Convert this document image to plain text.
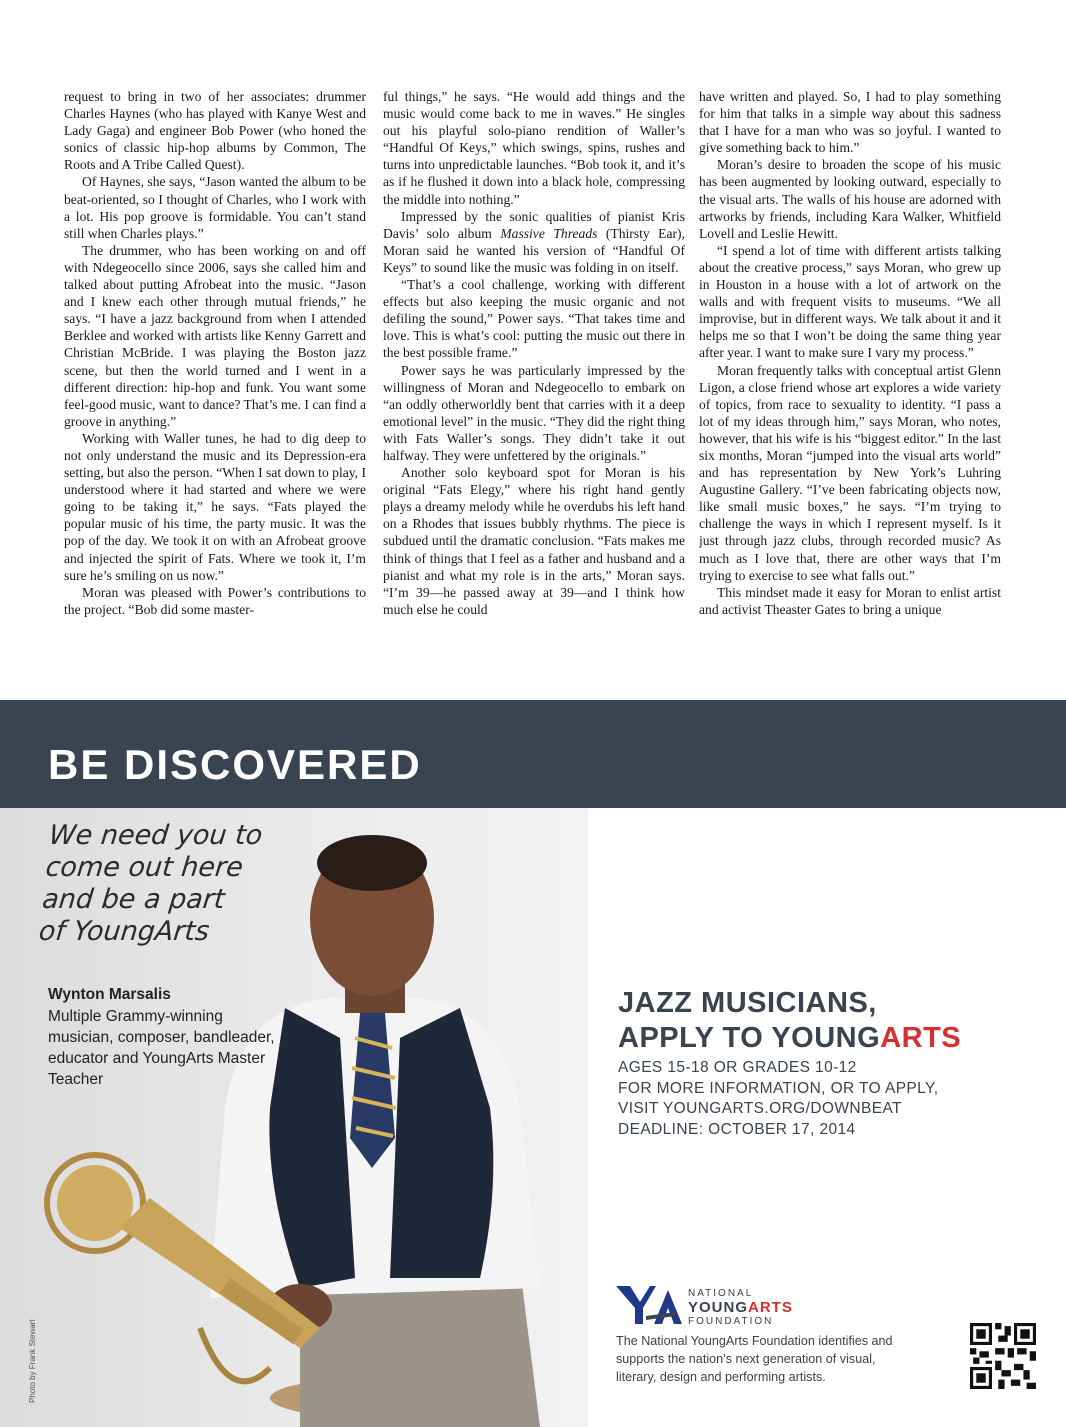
request to bring in two of her associates: drummer Charles Haynes (who has played with Kanye West and Lady Gaga) and engineer Bob Power (who honed the sonics of classic hip-hop albums by Common, The Roots and A Tribe Called Quest).

Of Haynes, she says, “Jason wanted the album to be beat-oriented, so I thought of Charles, who I work with a lot. His pop groove is formidable. You can’t stand still when Charles plays.”

The drummer, who has been working on and off with Ndegeocello since 2006, says she called him and talked about putting Afrobeat into the music. “Jason and I knew each other through mutual friends,” he says. “I have a jazz background from when I attended Berklee and worked with artists like Kenny Garrett and Christian McBride. I was playing the Boston jazz scene, but then the world turned and I went in a different direction: hip-hop and funk. You want some feel-good music, want to dance? That’s me. I can find a groove in anything.”

Working with Waller tunes, he had to dig deep to not only understand the music and its Depression-era setting, but also the person. “When I sat down to play, I understood where it had started and where we were going to be taking it,” he says. “Fats played the popular music of his time, the party music. It was the pop of the day. We took it on with an Afrobeat groove and injected the spirit of Fats. Where we took it, I’m sure he’s smiling on us now.”

Moran was pleased with Power’s contributions to the project. “Bob did some master-

ful things,” he says. “He would add things and the music would come back to me in waves.” He singles out his playful solo-piano rendition of Waller’s “Handful Of Keys,” which swings, spins, rushes and turns into unpredictable launches. “Bob took it, and it’s as if he flushed it down into a black hole, compressing the middle into nothing.”

Impressed by the sonic qualities of pianist Kris Davis’ solo album Massive Threads (Thirsty Ear), Moran said he wanted his version of “Handful Of Keys” to sound like the music was folding in on itself.

“That’s a cool challenge, working with different effects but also keeping the music organic and not defiling the sound,” Power says. “That takes time and love. This is what’s cool: putting the music out there in the best possible frame.”

Power says he was particularly impressed by the willingness of Moran and Ndegeocello to embark on “an oddly otherworldly bent that carries with it a deep emotional level” in the music. “They did the right thing with Fats Waller’s songs. They didn’t take it out halfway. They were unfettered by the originals.”

Another solo keyboard spot for Moran is his original “Fats Elegy,” where his right hand gently plays a dreamy melody while he overdubs his left hand on a Rhodes that issues bubbly rhythms. The piece is subdued until the dramatic conclusion. “Fats makes me think of things that I feel as a father and husband and a pianist and what my role is in the arts,” Moran says. “I’m 39—he passed away at 39—and I think how much else he could

have written and played. So, I had to play something for him that talks in a simple way about this sadness that I have for a man who was so joyful. I wanted to give something back to him.”

Moran’s desire to broaden the scope of his music has been augmented by looking outward, especially to the visual arts. The walls of his house are adorned with artworks by friends, including Kara Walker, Whitfield Lovell and Leslie Hewitt.

“I spend a lot of time with different artists talking about the creative process,” says Moran, who grew up in Houston in a house with a lot of artwork on the walls and with frequent visits to museums. “We all improvise, but in different ways. We talk about it and it helps me so that I won’t be doing the same thing year after year. I want to make sure I vary my process.”

Moran frequently talks with conceptual artist Glenn Ligon, a close friend whose art explores a wide variety of topics, from race to sexuality to identity. “I pass a lot of my ideas through him,” says Moran, who notes, however, that his wife is his “biggest editor.” In the last six months, Moran “jumped into the visual arts world” and has representation by New York’s Luhring Augustine Gallery. “I’ve been fabricating objects now, like small music boxes,” he says. “I’m trying to challenge the ways in which I represent myself. Is it just through jazz clubs, through recorded music? As much as I love that, there are other ways that I’m trying to exercise to see what falls out.”

This mindset made it easy for Moran to enlist artist and activist Theaster Gates to bring a unique

BE DISCOVERED
We need you to
come out here
and be a part
of YoungArts
Wynton Marsalis
Multiple Grammy-winning musician, composer, bandleader, educator and YoungArts Master Teacher
Photo by Frank Stewart
JAZZ MUSICIANS,
APPLY TO YOUNGARTS
AGES 15-18 OR GRADES 10-12
FOR MORE INFORMATION, OR TO APPLY,
VISIT YOUNGARTS.ORG/DOWNBEAT
DEADLINE: OCTOBER 17, 2014
NATIONAL
YOUNGARTS
FOUNDATION
The National YoungArts Foundation identifies and supports the nation’s next generation of visual, literary, design and performing artists.
